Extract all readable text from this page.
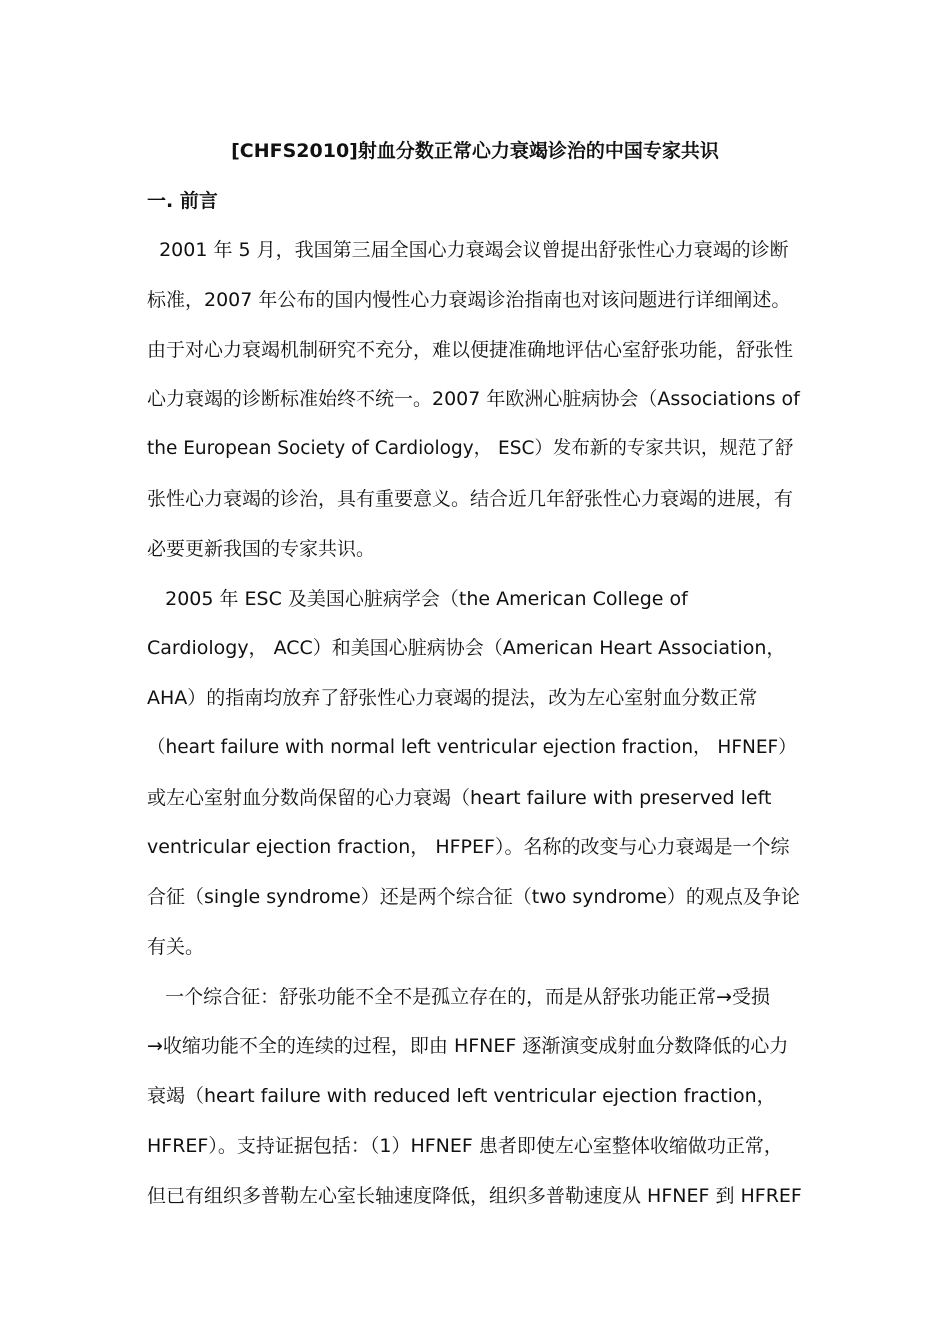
[CHFS2010]射血分数正常心力衰竭诊治的中国专家共识
一. 前言
2001 年 5 月，我国第三届全国心力衰竭会议曾提出舒张性心力衰竭的诊断
标准，2007 年公布的国内慢性心力衰竭诊治指南也对该问题进行详细阐述。
由于对心力衰竭机制研究不充分，难以便捷准确地评估心室舒张功能，舒张性
心力衰竭的诊断标准始终不统一。2007 年欧洲心脏病协会（Associations of
the European Society of Cardiology， ESC）发布新的专家共识，规范了舒
张性心力衰竭的诊治，具有重要意义。结合近几年舒张性心力衰竭的进展，有
必要更新我国的专家共识。
2005 年 ESC 及美国心脏病学会（the American College of
Cardiology， ACC）和美国心脏病协会（American Heart Association，
AHA）的指南均放弃了舒张性心力衰竭的提法，改为左心室射血分数正常
（heart failure with normal left ventricular ejection fraction， HFNEF）
或左心室射血分数尚保留的心力衰竭（heart failure with preserved left
ventricular ejection fraction， HFPEF）。名称的改变与心力衰竭是一个综
合征（single syndrome）还是两个综合征（two syndrome）的观点及争论
有关。
一个综合征：舒张功能不全不是孤立存在的，而是从舒张功能正常→受损
→收缩功能不全的连续的过程，即由 HFNEF 逐渐演变成射血分数降低的心力
衰竭（heart failure with reduced left ventricular ejection fraction，
HFREF）。支持证据包括：（1）HFNEF 患者即使左心室整体收缩做功正常，
但已有组织多普勒左心室长轴速度降低，组织多普勒速度从 HFNEF 到 HFREF
